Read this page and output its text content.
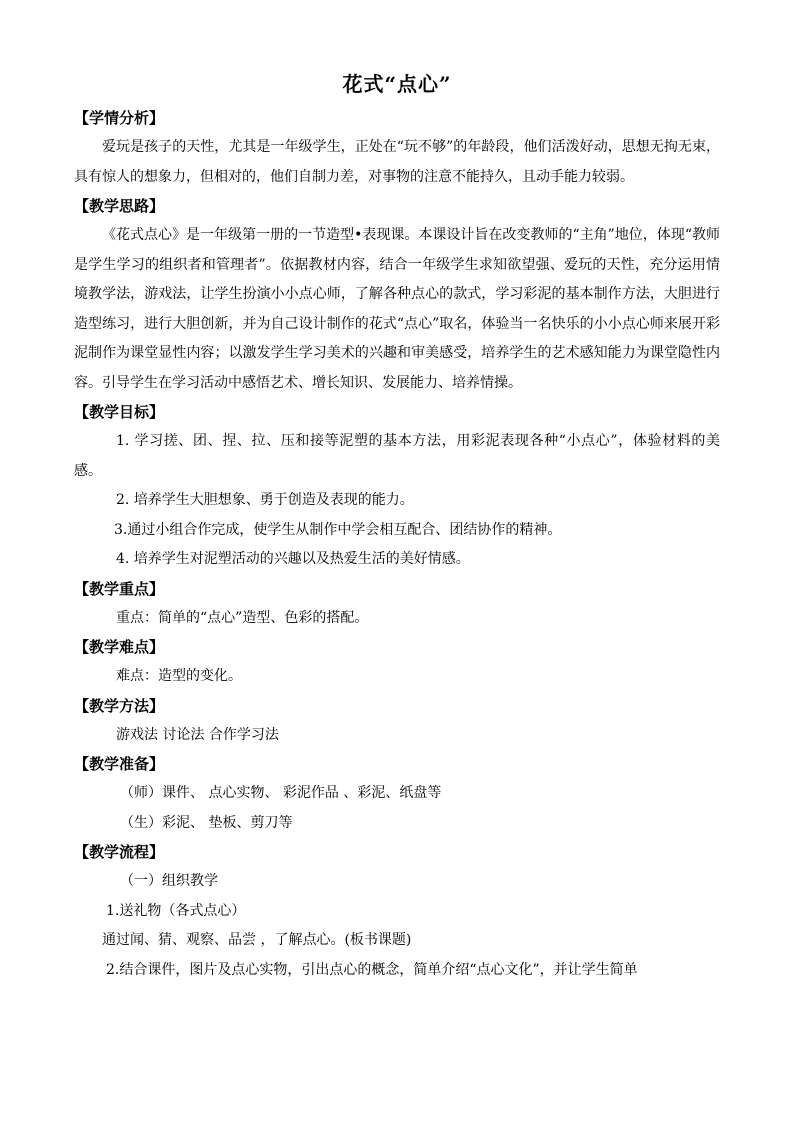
花式“点心”

【学情分析】

爱玩是孩子的天性，尤其是一年级学生，正处在“玩不够”的年龄段，他们活泼好动，思想无拘无束，具有惊人的想象力，但相对的，他们自制力差，对事物的注意不能持久，且动手能力较弱。

【教学思路】

《花式点心》是一年级第一册的一节造型•表现课。本课设计旨在改变教师的“主角”地位，体现“教师是学生学习的组织者和管理者”。依据教材内容，结合一年级学生求知欲望强、爱玩的天性，充分运用情境教学法，游戏法，让学生扮演小小点心师，了解各种点心的款式，学习彩泥的基本制作方法，大胆进行造型练习，进行大胆创新，并为自己设计制作的花式“点心”取名，体验当一名快乐的小小点心师来展开彩泥制作为课堂显性内容；以激发学生学习美术的兴趣和审美感受，培养学生的艺术感知能力为课堂隐性内容。引导学生在学习活动中感悟艺术、增长知识、发展能力、培养情操。

【教学目标】

1. 学习搓、团、捏、拉、压和接等泥塑的基本方法，用彩泥表现各种“小点心”，体验材料的美感。

2. 培养学生大胆想象、勇于创造及表现的能力。

3.通过小组合作完成，使学生从制作中学会相互配合、团结协作的精神。

4. 培养学生对泥塑活动的兴趣以及热爱生活的美好情感。

【教学重点】

重点：简单的“点心”造型、色彩的搭配。

【教学难点】

难点：造型的变化。

【教学方法】

游戏法 讨论法 合作学习法

【教学准备】

（师）课件、 点心实物、 彩泥作品 、彩泥、纸盘等

（生）彩泥、 垫板、剪刀等

【教学流程】

（一）组织教学

1.送礼物（各式点心）

通过闻、猜、观察、品尝 ，了解点心。(板书课题)

2.结合课件，图片及点心实物，引出点心的概念，简单介绍“点心文化”，并让学生简单
